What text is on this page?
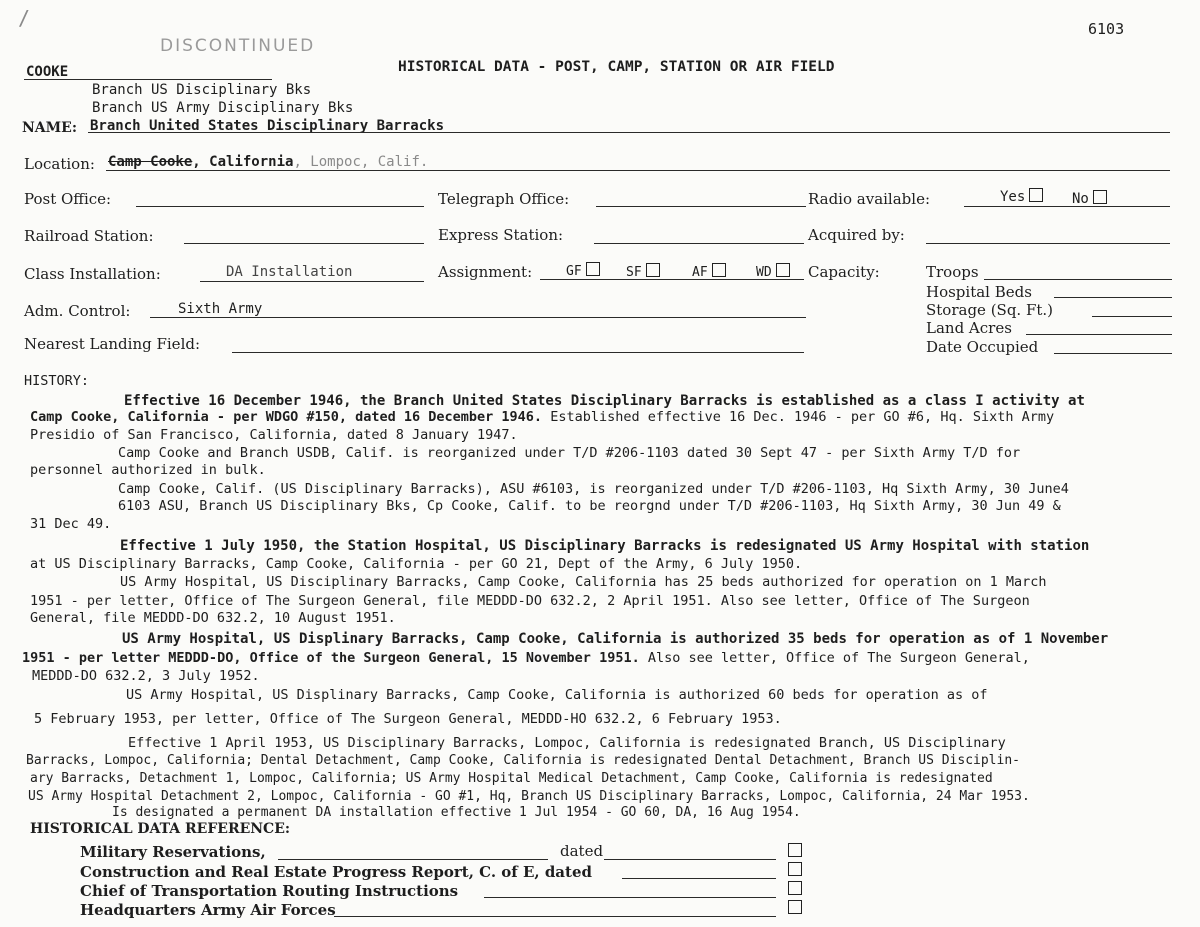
/
DISCONTINUED
6103
COOKE	HISTORICAL DATA - POST, CAMP, STATION OR AIR FIELD
Branch US Disciplinary Bks
Branch US Army Disciplinary Bks
NAME: Branch United States Disciplinary Barracks
Location: Camp Cooke, California, Lompoc, Calif.
Post Office:	Telegraph Office:	Radio available:	Yes	No
Railroad Station:	Express Station:	Acquired by:
Class Installation:	DA Installation	Assignment:	GF	SF	AF	WD	Capacity:	Troops
Hospital Beds
Storage (Sq. Ft.)
Land Acres
Date Occupied
Adm. Control:	Sixth Army
Nearest Landing Field:
HISTORY:
Effective 16 December 1946, the Branch United States Disciplinary Barracks is established as a class I activity at
Camp Cooke, California - per WDGO #150, dated 16 December 1946. Established effective 16 Dec. 1946 - per GO #6, Hq. Sixth Army
Presidio of San Francisco, California, dated 8 January 1947.
Camp Cooke and Branch USDB, Calif. is reorganized under T/D #206-1103 dated 30 Sept 47 - per Sixth Army T/D for
personnel authorized in bulk.
Camp Cooke, Calif. (US Disciplinary Barracks), ASU #6103, is reorganized under T/D #206-1103, Hq Sixth Army, 30 June4
6103 ASU, Branch US Disciplinary Bks, Cp Cooke, Calif. to be reorgnd under T/D #206-1103, Hq Sixth Army, 30 Jun 49 &
31 Dec 49.
Effective 1 July 1950, the Station Hospital, US Disciplinary Barracks is redesignated US Army Hospital with station
at US Disciplinary Barracks, Camp Cooke, California - per GO 21, Dept of the Army, 6 July 1950.
US Army Hospital, US Disciplinary Barracks, Camp Cooke, California has 25 beds authorized for operation on 1 March
1951 - per letter, Office of The Surgeon General, file MEDDD-DO 632.2, 2 April 1951. Also see letter, Office of The Surgeon
General, file MEDDD-DO 632.2, 10 August 1951.
US Army Hospital, US Displinary Barracks, Camp Cooke, California is authorized 35 beds for operation as of 1 November
1951 - per letter MEDDD-DO, Office of the Surgeon General, 15 November 1951. Also see letter, Office of The Surgeon General,
MEDDD-DO 632.2, 3 July 1952.
US Army Hospital, US Displinary Barracks, Camp Cooke, California is authorized 60 beds for operation as of
5 February 1953, per letter, Office of The Surgeon General, MEDDD-HO 632.2, 6 February 1953.
Effective 1 April 1953, US Disciplinary Barracks, Lompoc, California is redesignated Branch, US Disciplinary
Barracks, Lompoc, California; Dental Detachment, Camp Cooke, California is redesignated Dental Detachment, Branch US Disciplin-
ary Barracks, Detachment 1, Lompoc, California; US Army Hospital Medical Detachment, Camp Cooke, California is redesignated
US Army Hospital Detachment 2, Lompoc, California - GO #1, Hq, Branch US Disciplinary Barracks, Lompoc, California, 24 Mar 1953.
Is designated a permanent DA installation effective 1 Jul 1954 - GO 60, DA, 16 Aug 1954.
HISTORICAL DATA REFERENCE:
Military Reservations,	dated
Construction and Real Estate Progress Report, C. of E, dated
Chief of Transportation Routing Instructions
Headquarters Army Air Forces
